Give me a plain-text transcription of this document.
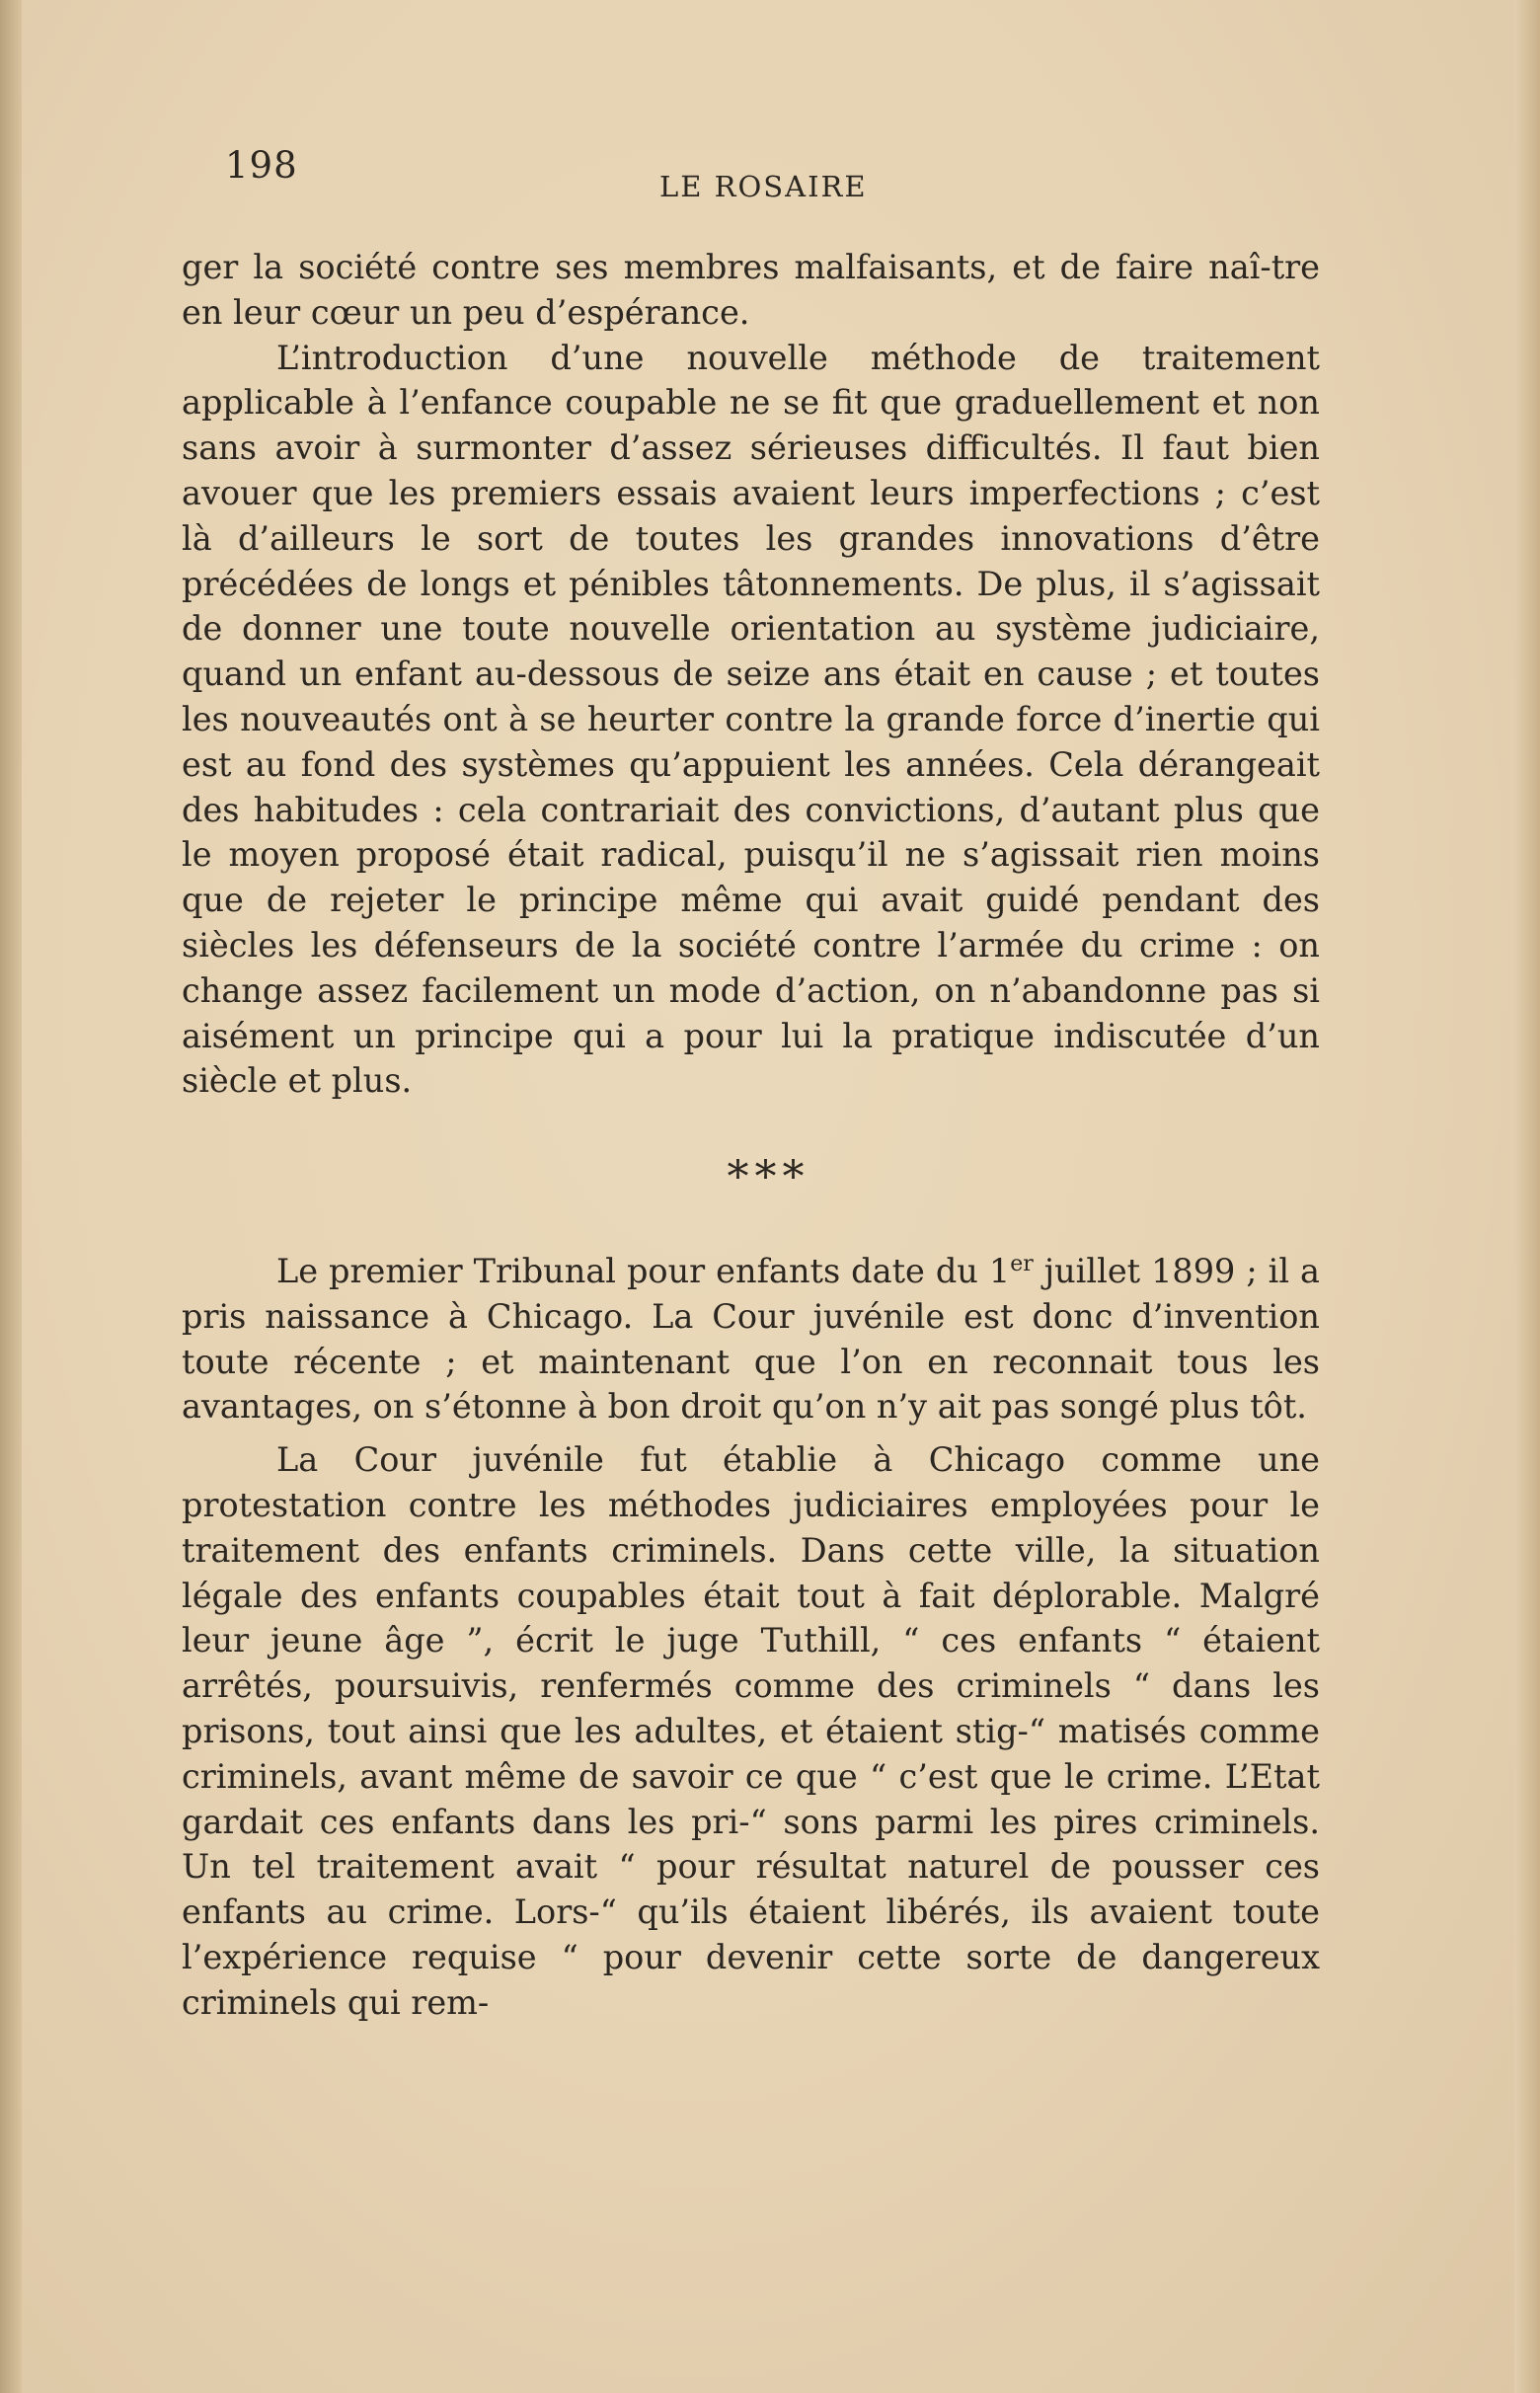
198	LE ROSAIRE

ger la société contre ses membres malfaisants, et de faire naî-tre en leur cœur un peu d’espérance.

L’introduction d’une nouvelle méthode de traitement applicable à l’enfance coupable ne se fit que graduellement et non sans avoir à surmonter d’assez sérieuses difficultés. Il faut bien avouer que les premiers essais avaient leurs imperfections ; c’est là d’ailleurs le sort de toutes les grandes innovations d’être précédées de longs et pénibles tâtonnements. De plus, il s’agissait de donner une toute nouvelle orientation au système judiciaire, quand un enfant au-dessous de seize ans était en cause ; et toutes les nouveautés ont à se heurter contre la grande force d’inertie qui est au fond des systèmes qu’appuient les années. Cela dérangeait des habitudes : cela contrariait des convictions, d’autant plus que le moyen proposé était radical, puisqu’il ne s’agissait rien moins que de rejeter le principe même qui avait guidé pendant des siècles les défenseurs de la société contre l’armée du crime : on change assez facilement un mode d’action, on n’abandonne pas si aisément un principe qui a pour lui la pratique indiscutée d’un siècle et plus.

***

Le premier Tribunal pour enfants date du 1er juillet 1899 ; il a pris naissance à Chicago. La Cour juvénile est donc d’invention toute récente ; et maintenant que l’on en reconnait tous les avantages, on s’étonne à bon droit qu’on n’y ait pas songé plus tôt.

La Cour juvénile fut établie à Chicago comme une protestation contre les méthodes judiciaires employées pour le traitement des enfants criminels. Dans cette ville, la situation légale des enfants coupables était tout à fait déplorable. Malgré leur jeune âge ”, écrit le juge Tuthill, “ ces enfants “ étaient arrêtés, poursuivis, renfermés comme des criminels “ dans les prisons, tout ainsi que les adultes, et étaient stig-“ matisés comme criminels, avant même de savoir ce que “ c’est que le crime. L’Etat gardait ces enfants dans les pri-“ sons parmi les pires criminels. Un tel traitement avait “ pour résultat naturel de pousser ces enfants au crime. Lors-“ qu’ils étaient libérés, ils avaient toute l’expérience requise “ pour devenir cette sorte de dangereux criminels qui rem-
